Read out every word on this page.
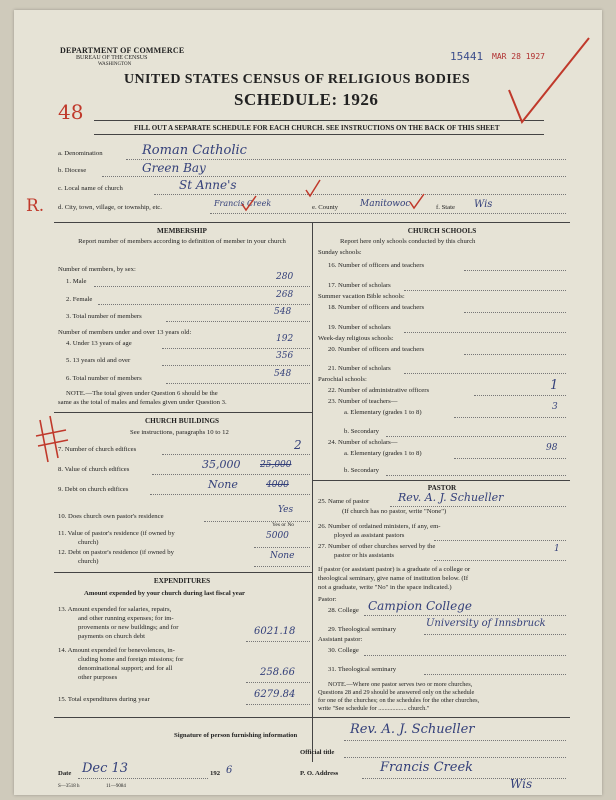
DEPARTMENT OF COMMERCE
BUREAU OF THE CENSUS
WASHINGTON
15441 MAR 28 1927
UNITED STATES CENSUS OF RELIGIOUS BODIES
SCHEDULE: 1926
48
FILL OUT A SEPARATE SCHEDULE FOR EACH CHURCH. SEE INSTRUCTIONS ON THE BACK OF THIS SHEET
a. Denomination	Roman Catholic
b. Diocese	Green Bay
c. Local name of church	St Anne's
R. d. City, town, village, or township, etc.	Francis Creek	e. County Manitowoc	f. State Wis
MEMBERSHIP
Report number of members according to definition of member in your church
Number of members, by sex:
1. Male	280
2. Female	268
3. Total number of members	548
Number of members under and over 13 years old:
4. Under 13 years of age	192
5. 13 years old and over	356
6. Total number of members	548
NOTE.—The total given under Question 6 should be the
same as the total of males and females given under Question 3.
CHURCH BUILDINGS
See instructions, paragraphs 10 to 12
7. Number of church edifices	2
8. Value of church edifices	35,000 25,000
9. Debt on church edifices	None	4000
10. Does church own pastor's residence
Yes
Yes or No
11. Value of pastor's residence (if owned by
church)
5000
12. Debt on pastor's residence (if owned by
church)
None
EXPENDITURES
Amount expended by your church during last fiscal year
13. Amount expended for salaries, repairs,
and other running expenses; for im-
provements or new buildings; and for
payments on church debt	6021.18
14. Amount expended for benevolences, in-
cluding home and foreign missions; for
denominational support; and for all
other purposes	258.66
15. Total expenditures during year	6279.84
CHURCH SCHOOLS
Report here only schools conducted by this church
Sunday schools:
16. Number of officers and teachers
17. Number of scholars
Summer vacation Bible schools:
18. Number of officers and teachers
19. Number of scholars
Week-day religious schools:
20. Number of officers and teachers
21. Number of scholars
Parochial schools:
22. Number of administrative officers	1
23. Number of teachers—
a. Elementary (grades 1 to 8)
3
b. Secondary
24. Number of scholars—
a. Elementary (grades 1 to 8)
98
b. Secondary
PASTOR
25. Name of pastor	Rev. A. J. Schueller
(If church has no pastor, write "None")
26. Number of ordained ministers, if any, em-
ployed as assistant pastors
27. Number of other churches served by the
pastor or his assistants
1
If pastor (or assistant pastor) is a graduate of a college or
theological seminary, give name of institution below. (If
not a graduate, write "No" in the space indicated.)
Pastor:
28. College Campion College
29. Theological seminary
University of Innsbruck
Assistant pastor:
30. College
31. Theological seminary
NOTE.—Where one pastor serves two or more churches,
Questions 28 and 29 should be answered only on the schedule
for one of the churches; on the schedules for the other churches,
write "See schedule for .................. church."
Signature of person furnishing information	Rev. A. J. Schueller
Official title
Date Dec 13	192 6	P. O. Address	Francis Creek
Wis
S—3518 h	11—9084
